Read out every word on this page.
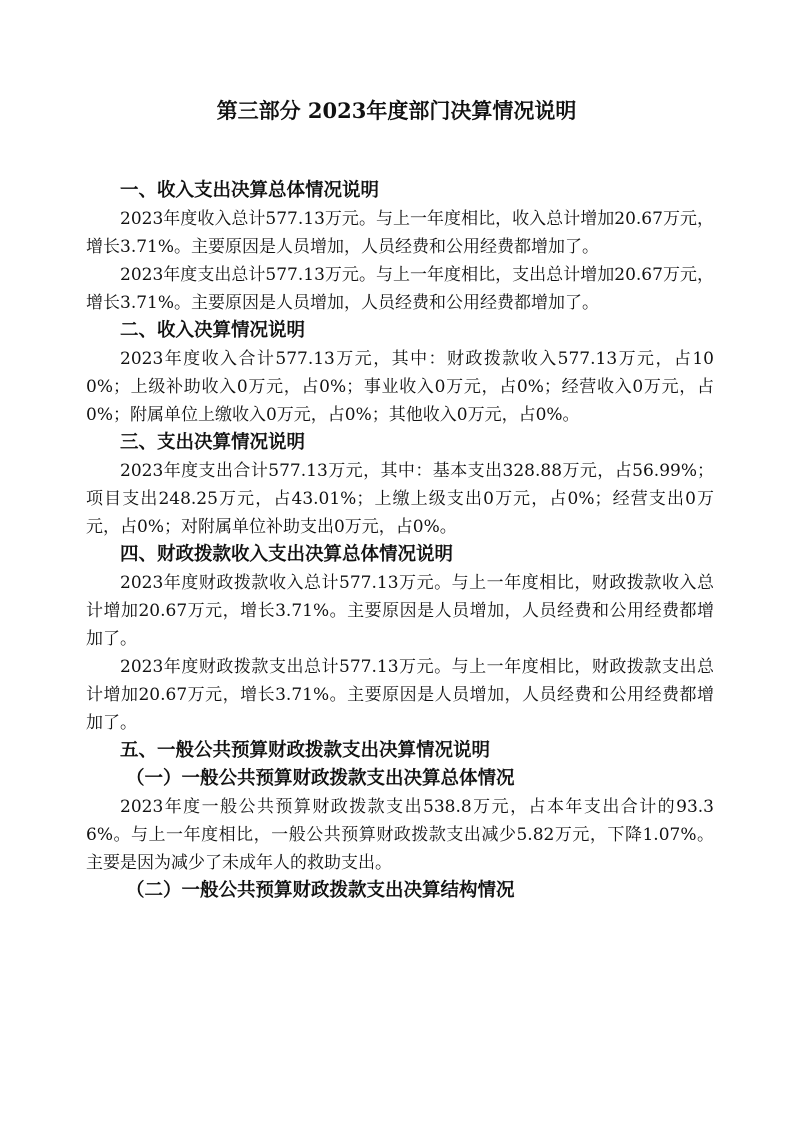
第三部分 2023年度部门决算情况说明
一、收入支出决算总体情况说明
2023年度收入总计577.13万元。与上一年度相比，收入总计增加20.67万元，增长3.71%。主要原因是人员增加，人员经费和公用经费都增加了。
2023年度支出总计577.13万元。与上一年度相比，支出总计增加20.67万元，增长3.71%。主要原因是人员增加，人员经费和公用经费都增加了。
二、收入决算情况说明
2023年度收入合计577.13万元，其中：财政拨款收入577.13万元，占100%；上级补助收入0万元，占0%；事业收入0万元，占0%；经营收入0万元，占0%；附属单位上缴收入0万元，占0%；其他收入0万元，占0%。
三、支出决算情况说明
2023年度支出合计577.13万元，其中：基本支出328.88万元，占56.99%；项目支出248.25万元，占43.01%；上缴上级支出0万元，占0%；经营支出0万元，占0%；对附属单位补助支出0万元，占0%。
四、财政拨款收入支出决算总体情况说明
2023年度财政拨款收入总计577.13万元。与上一年度相比，财政拨款收入总计增加20.67万元，增长3.71%。主要原因是人员增加，人员经费和公用经费都增加了。
2023年度财政拨款支出总计577.13万元。与上一年度相比，财政拨款支出总计增加20.67万元，增长3.71%。主要原因是人员增加，人员经费和公用经费都增加了。
五、一般公共预算财政拨款支出决算情况说明
（一）一般公共预算财政拨款支出决算总体情况
2023年度一般公共预算财政拨款支出538.8万元，占本年支出合计的93.36%。与上一年度相比，一般公共预算财政拨款支出减少5.82万元，下降1.07%。主要是因为减少了未成年人的救助支出。
（二）一般公共预算财政拨款支出决算结构情况
